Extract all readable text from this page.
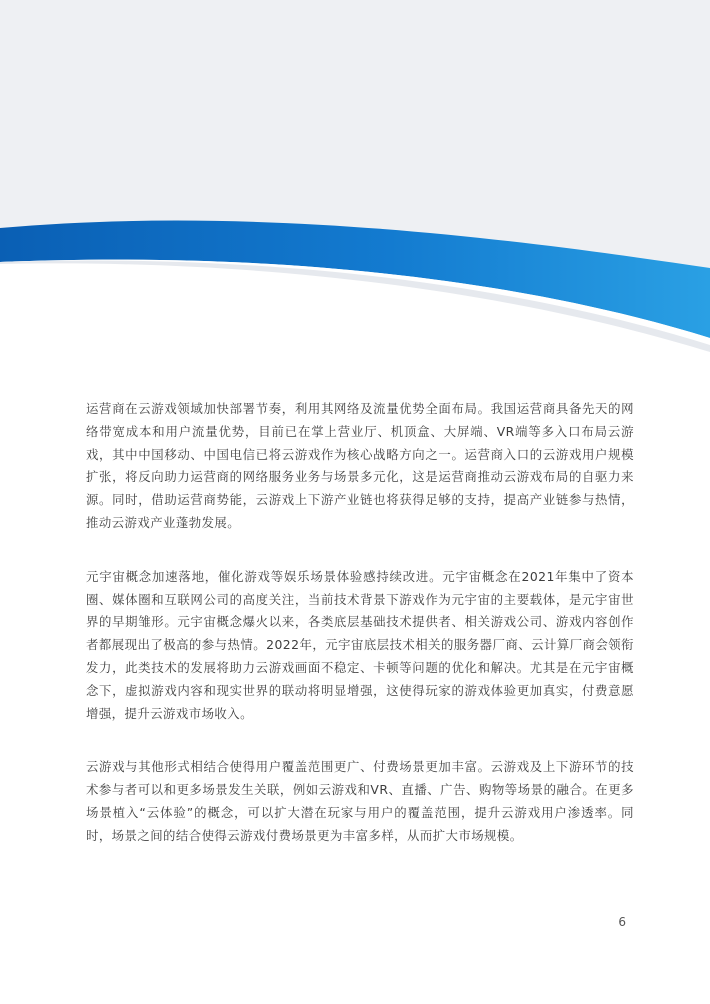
运营商在云游戏领域加快部署节奏，利用其网络及流量优势全面布局。我国运营商具备先天的网络带宽成本和用户流量优势，目前已在掌上营业厅、机顶盒、大屏端、VR端等多入口布局云游戏，其中中国移动、中国电信已将云游戏作为核心战略方向之一。运营商入口的云游戏用户规模扩张，将反向助力运营商的网络服务业务与场景多元化，这是运营商推动云游戏布局的自驱力来源。同时，借助运营商势能，云游戏上下游产业链也将获得足够的支持，提高产业链参与热情，推动云游戏产业蓬勃发展。

元宇宙概念加速落地，催化游戏等娱乐场景体验感持续改进。元宇宙概念在2021年集中了资本圈、媒体圈和互联网公司的高度关注，当前技术背景下游戏作为元宇宙的主要载体，是元宇宙世界的早期雏形。元宇宙概念爆火以来，各类底层基础技术提供者、相关游戏公司、游戏内容创作者都展现出了极高的参与热情。2022年，元宇宙底层技术相关的服务器厂商、云计算厂商会领衔发力，此类技术的发展将助力云游戏画面不稳定、卡顿等问题的优化和解决。尤其是在元宇宙概念下，虚拟游戏内容和现实世界的联动将明显增强，这使得玩家的游戏体验更加真实，付费意愿增强，提升云游戏市场收入。

云游戏与其他形式相结合使得用户覆盖范围更广、付费场景更加丰富。云游戏及上下游环节的技术参与者可以和更多场景发生关联，例如云游戏和VR、直播、广告、购物等场景的融合。在更多场景植入“云体验”的概念，可以扩大潜在玩家与用户的覆盖范围，提升云游戏用户渗透率。同时，场景之间的结合使得云游戏付费场景更为丰富多样，从而扩大市场规模。

6
